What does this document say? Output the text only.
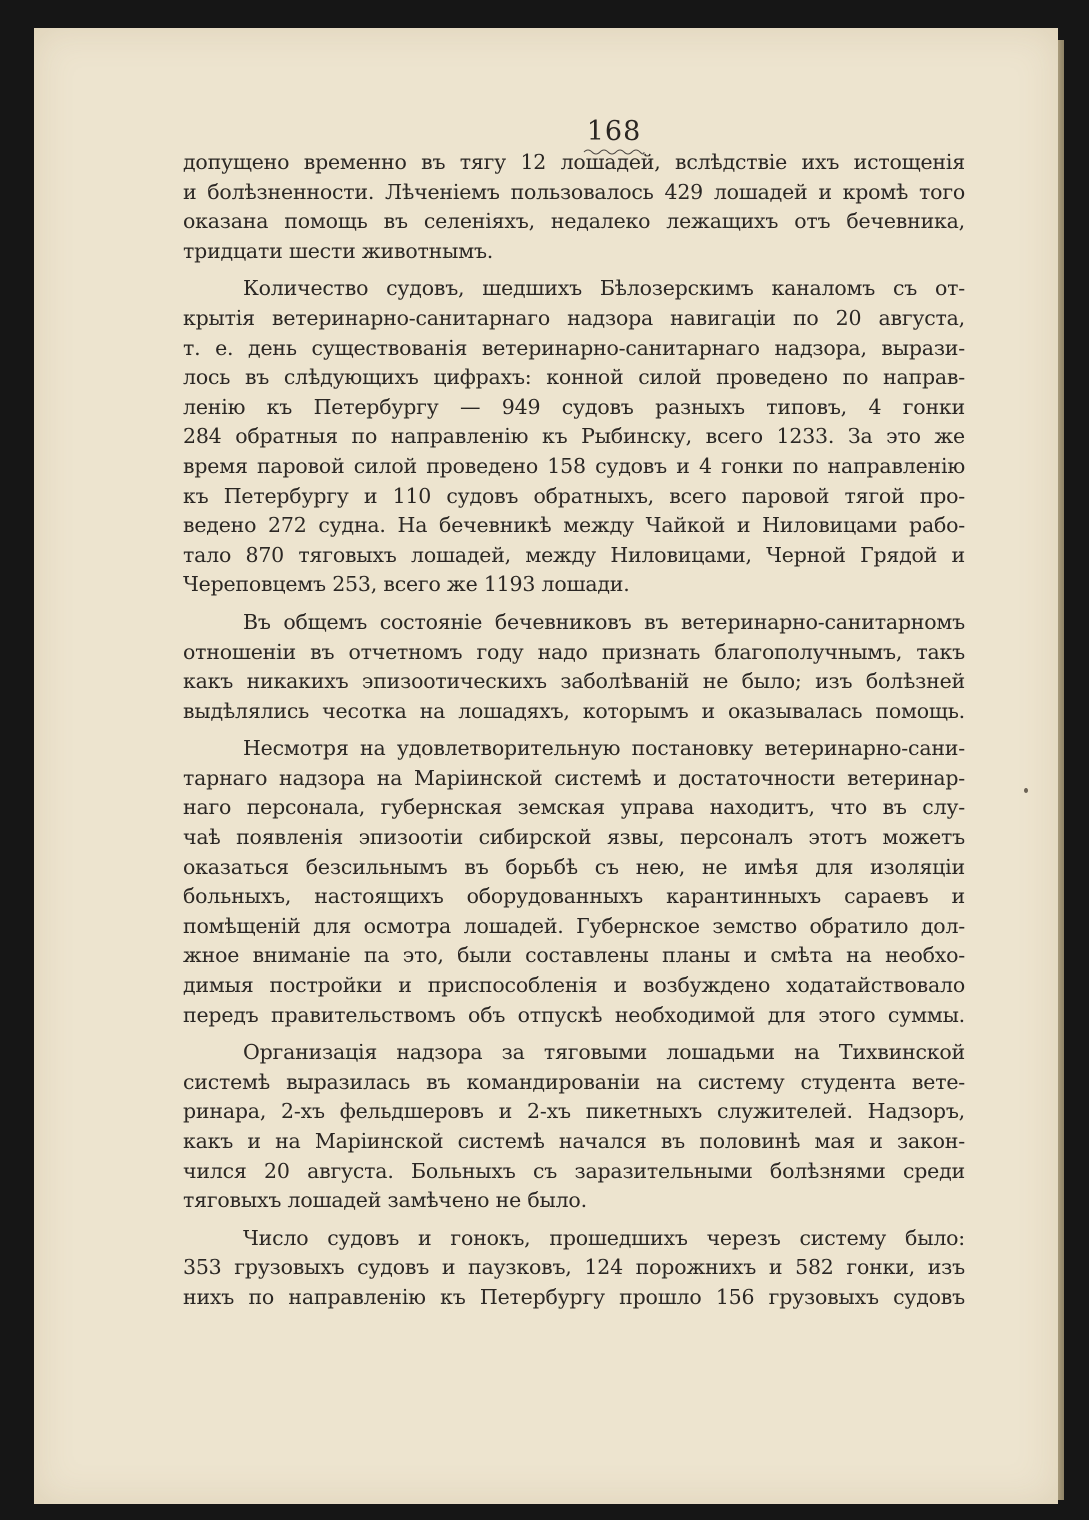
168

допущено временно въ тягу 12 лошадей, вслѣдствіе ихъ истощенія
и болѣзненности. Лѣченіемъ пользовалось 429 лошадей и кромѣ того
оказана помощь въ селеніяхъ, недалеко лежащихъ отъ бечевника,
тридцати шести животнымъ.

Количество судовъ, шедшихъ Бѣлозерскимъ каналомъ съ от-
крытія ветеринарно-санитарнаго надзора навигаціи по 20 августа,
т. е. день существованія ветеринарно-санитарнаго надзора, вырази-
лось въ слѣдующихъ цифрахъ: конной силой проведено по направ-
ленію къ Петербургу — 949 судовъ разныхъ типовъ, 4 гонки
284 обратныя по направленію къ Рыбинску, всего 1233. За это же
время паровой силой проведено 158 судовъ и 4 гонки по направленію
къ Петербургу и 110 судовъ обратныхъ, всего паровой тягой про-
ведено 272 судна. На бечевникѣ между Чайкой и Ниловицами рабо-
тало 870 тяговыхъ лошадей, между Ниловицами, Черной Грядой и
Череповцемъ 253, всего же 1193 лошади.

Въ общемъ состояніе бечевниковъ въ ветеринарно-санитарномъ
отношеніи въ отчетномъ году надо признать благополучнымъ, такъ
какъ никакихъ эпизоотическихъ заболѣваній не было; изъ болѣзней
выдѣлялись чесотка на лошадяхъ, которымъ и оказывалась помощь.

Несмотря на удовлетворительную постановку ветеринарно-сани-
тарнаго надзора на Маріинской системѣ и достаточности ветеринар-
наго персонала, губернская земская управа находитъ, что въ слу-
чаѣ появленія эпизоотіи сибирской язвы, персоналъ этотъ можетъ
оказаться безсильнымъ въ борьбѣ съ нею, не имѣя для изоляціи
больныхъ, настоящихъ оборудованныхъ карантинныхъ сараевъ и
помѣщеній для осмотра лошадей. Губернское земство обратило дол-
жное вниманіе па это, были составлены планы и смѣта на необхо-
димыя постройки и приспособленія и возбуждено ходатайствовало
передъ правительствомъ объ отпускѣ необходимой для этого суммы.

Организація надзора за тяговыми лошадьми на Тихвинской
системѣ выразилась въ командированіи на систему студента вете-
ринара, 2-хъ фельдшеровъ и 2-хъ пикетныхъ служителей. Надзоръ,
какъ и на Маріинской системѣ началcя въ половинѣ мая и закон-
чился 20 августа. Больныхъ съ заразительными болѣзнями среди
тяговыхъ лошадей замѣчено не было.

Число судовъ и гонокъ, прошедшихъ черезъ систему было:
353 грузовыхъ судовъ и паузковъ, 124 порожнихъ и 582 гонки, изъ
нихъ по направленію къ Петербургу прошло 156 грузовыхъ судовъ
